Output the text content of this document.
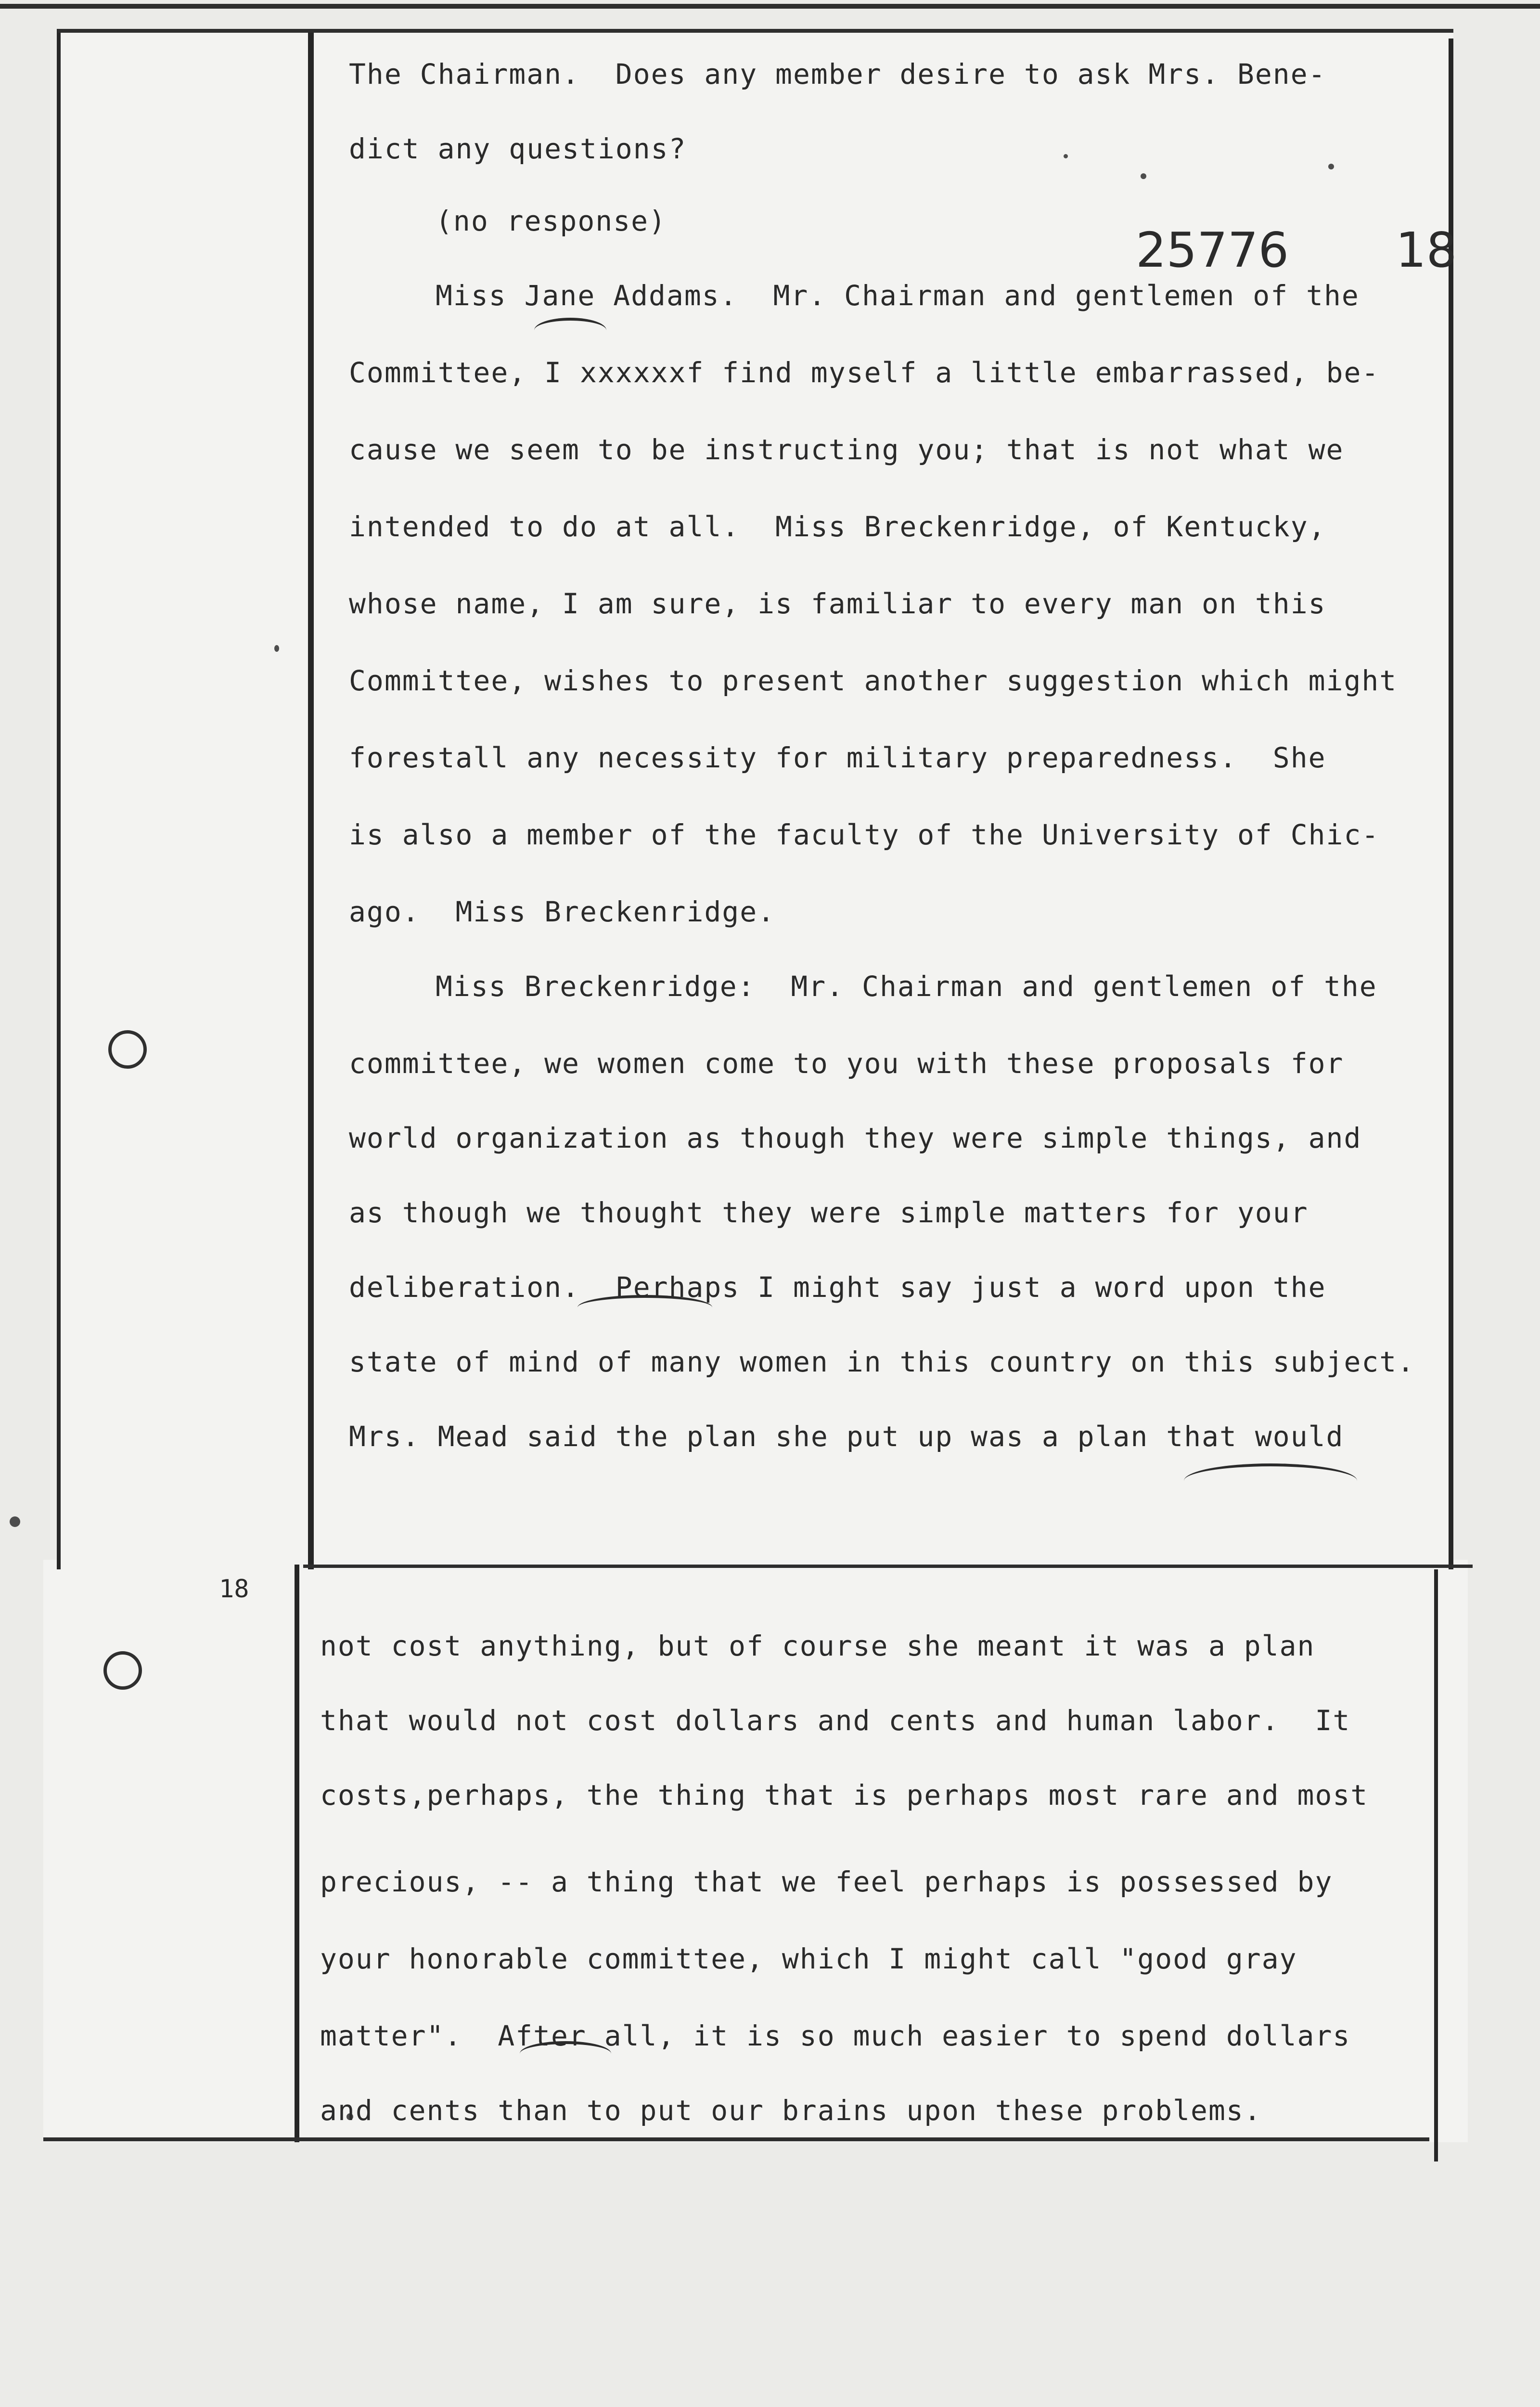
25776 18
18
The Chairman.  Does any member desire to ask Mrs. Bene-
(no response)
dict any questions?
Miss Jane Addams.  Mr. Chairman and gentlemen of the
Committee, I xxxxxxf find myself a little embarrassed, be-
cause we seem to be instructing you; that is not what we
intended to do at all.  Miss Breckenridge, of Kentucky,
whose name, I am sure, is familiar to every man on this
Committee, wishes to present another suggestion which might
forestall any necessity for military preparedness.  She
is also a member of the faculty of the University of Chic-
ago.  Miss Breckenridge.
Miss Breckenridge:  Mr. Chairman and gentlemen of the
committee, we women come to you with these proposals for
world organization as though they were simple things, and
as though we thought they were simple matters for your
deliberation.  Perhaps I might say just a word upon the
state of mind of many women in this country on this subject.
Mrs. Mead said the plan she put up was a plan that would
not cost anything, but of course she meant it was a plan
that would not cost dollars and cents and human labor.  It
costs,perhaps, the thing that is perhaps most rare and most
precious, -- a thing that we feel perhaps is possessed by
your honorable committee, which I might call "good gray
matter".  After all, it is so much easier to spend dollars
and cents than to put our brains upon these problems.
